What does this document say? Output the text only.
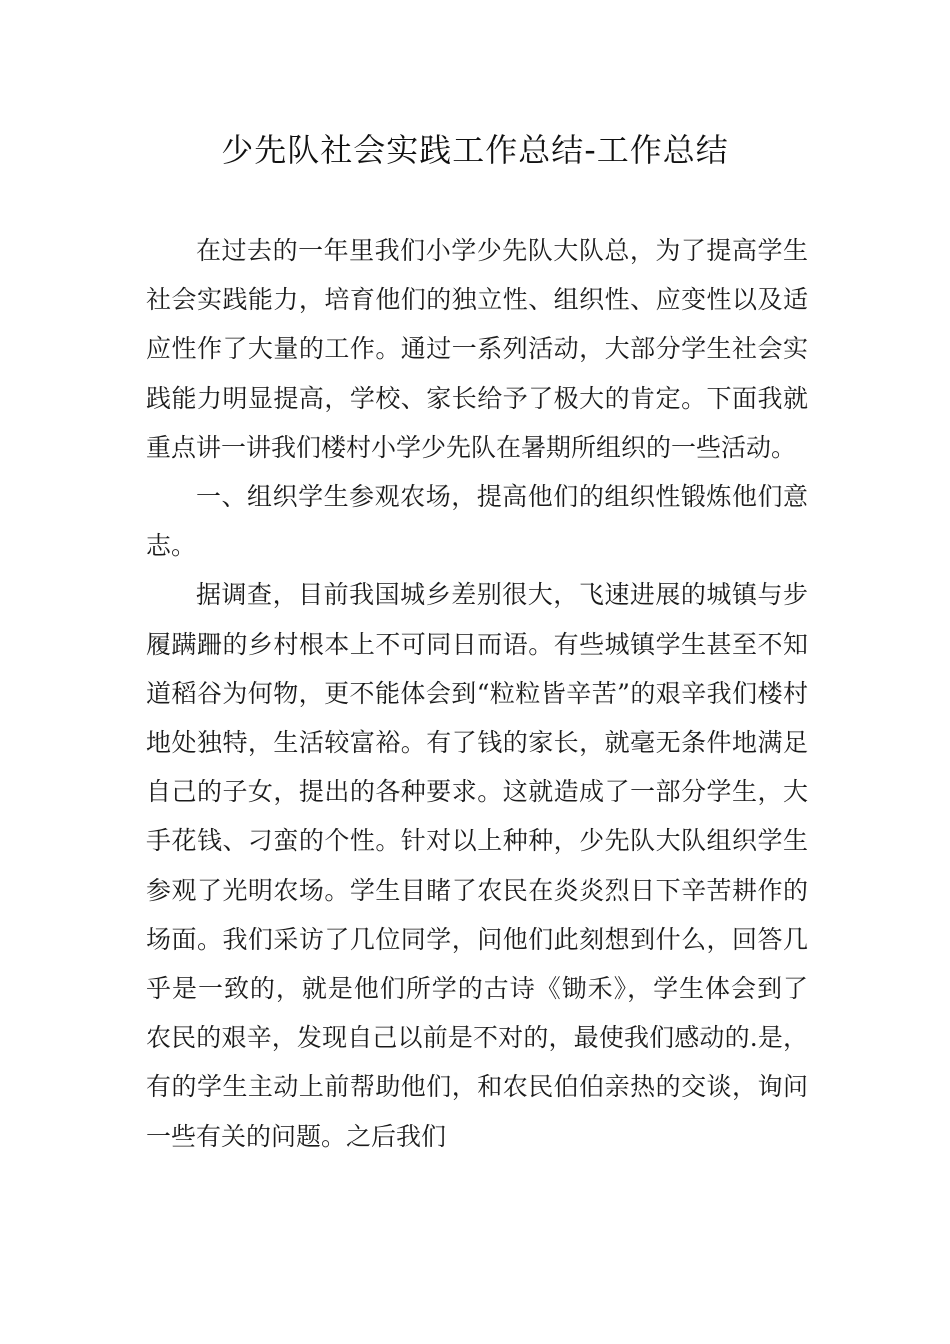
少先队社会实践工作总结-工作总结

在过去的一年里我们小学少先队大队总，为了提高学生社会实践能力，培育他们的独立性、组织性、应变性以及适应性作了大量的工作。通过一系列活动，大部分学生社会实践能力明显提高，学校、家长给予了极大的肯定。下面我就重点讲一讲我们楼村小学少先队在暑期所组织的一些活动。

一、组织学生参观农场，提高他们的组织性锻炼他们意志。

据调查，目前我国城乡差别很大，飞速进展的城镇与步履蹒跚的乡村根本上不可同日而语。有些城镇学生甚至不知道稻谷为何物，更不能体会到“粒粒皆辛苦”的艰辛我们楼村地处独特，生活较富裕。有了钱的家长，就毫无条件地满足自己的子女，提出的各种要求。这就造成了一部分学生，大手花钱、刁蛮的个性。针对以上种种，少先队大队组织学生参观了光明农场。学生目睹了农民在炎炎烈日下辛苦耕作的场面。我们采访了几位同学，问他们此刻想到什么，回答几乎是一致的，就是他们所学的古诗《锄禾》，学生体会到了农民的艰辛，发现自己以前是不对的，最使我们感动的.是，有的学生主动上前帮助他们，和农民伯伯亲热的交谈，询问一些有关的问题。之后我们
